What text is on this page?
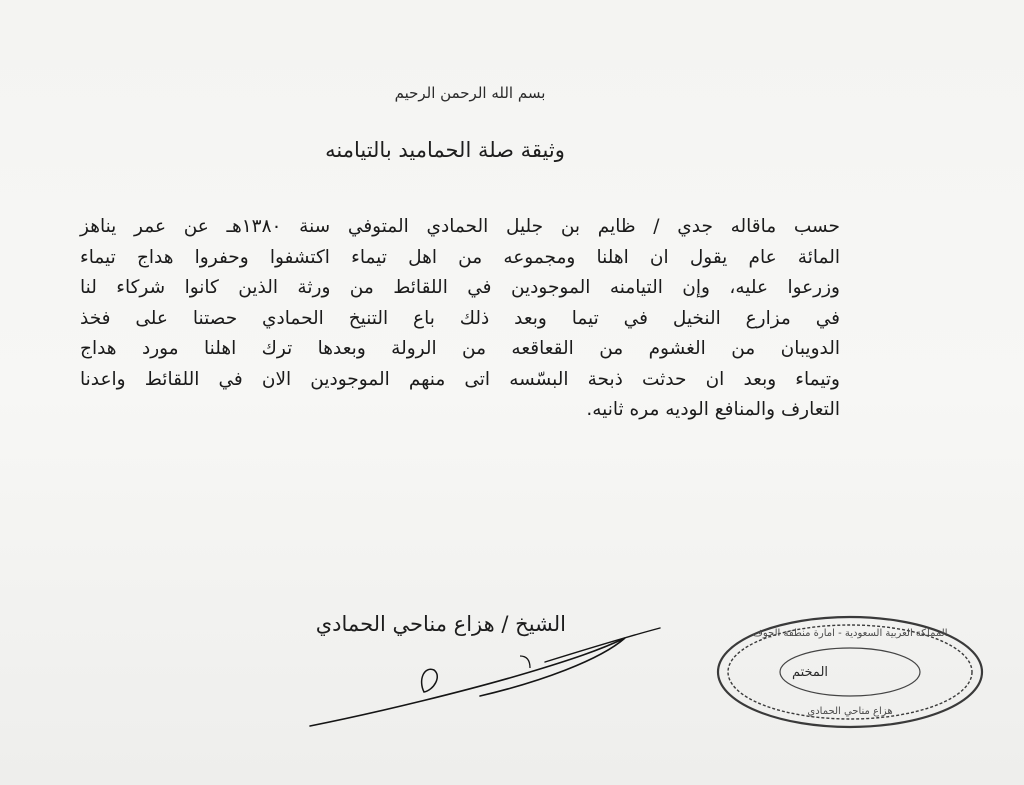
بسم الله الرحمن الرحيم
وثيقة صلة الحماميد بالتيامنه

حسب ماقاله جدي / ظايم بن جليل الحمادي المتوفي سنة ١٣٨٠هـ عن عمر يناهز

المائة عام يقول ان اهلنا ومجموعه من اهل تيماء اكتشفوا وحفروا هداج تيماء

وزرعوا عليه، وإن التيامنه الموجودين في اللقائط من ورثة الذين كانوا شركاء لنا

في مزارع النخيل في تيما وبعد ذلك باع التنيخ الحمادي حصتنا على فخذ

الدويبان من الغشوم من القعاقعه من الرولة وبعدها ترك اهلنا مورد هداج

وتيماء وبعد ان حدثت ذبحة البسّسه اتى منهم الموجودين الان في اللقائط واعدنا

التعارف والمنافع الوديه مره ثانيه.

الشيخ / هزاع مناحي الحمادي	المملكة العربية السعودية - امارة منطقة الجوف
المختم
هزاع مناحي الحمادي
